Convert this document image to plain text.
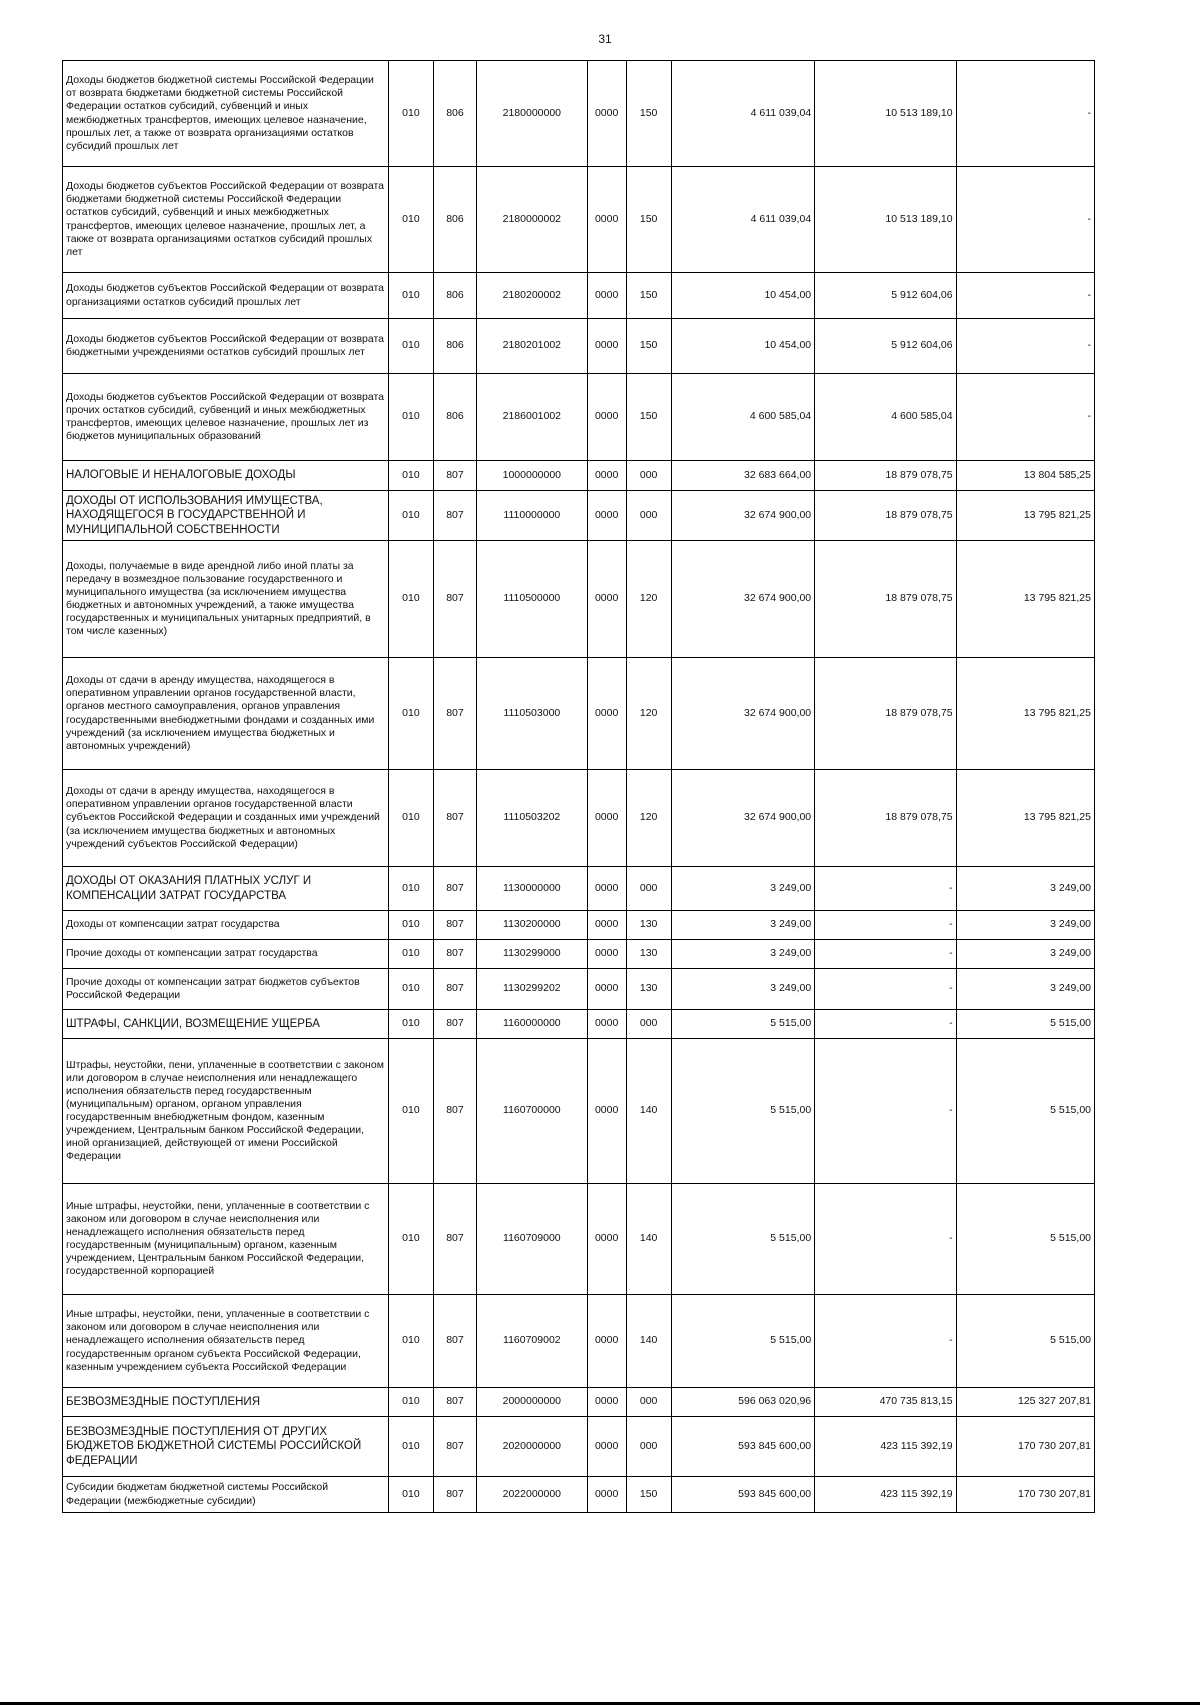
31
Доходы бюджетов бюджетной системы Российской Федерации от возврата бюджетами бюджетной системы Российской Федерации остатков субсидий, субвенций и иных межбюджетных трансфертов, имеющих целевое назначение, прошлых лет, а также от возврата организациями остатков субсидий прошлых лет	010	806	2180000000	0000	150	4 611 039,04	10 513 189,10	-
Доходы бюджетов субъектов Российской Федерации от возврата бюджетами бюджетной системы Российской Федерации остатков субсидий, субвенций и иных межбюджетных трансфертов, имеющих целевое назначение, прошлых лет, а также от возврата организациями остатков субсидий прошлых лет	010	806	2180000002	0000	150	4 611 039,04	10 513 189,10	-
Доходы бюджетов субъектов Российской Федерации от возврата организациями остатков субсидий прошлых лет	010	806	2180200002	0000	150	10 454,00	5 912 604,06	-
Доходы бюджетов субъектов Российской Федерации от возврата бюджетными учреждениями остатков субсидий прошлых лет	010	806	2180201002	0000	150	10 454,00	5 912 604,06	-
Доходы бюджетов субъектов Российской Федерации от возврата прочих остатков субсидий, субвенций и иных межбюджетных трансфертов, имеющих целевое назначение, прошлых лет из бюджетов муниципальных образований	010	806	2186001002	0000	150	4 600 585,04	4 600 585,04	-
НАЛОГОВЫЕ И НЕНАЛОГОВЫЕ ДОХОДЫ	010	807	1000000000	0000	000	32 683 664,00	18 879 078,75	13 804 585,25
ДОХОДЫ ОТ ИСПОЛЬЗОВАНИЯ ИМУЩЕСТВА, НАХОДЯЩЕГОСЯ В ГОСУДАРСТВЕННОЙ И МУНИЦИПАЛЬНОЙ СОБСТВЕННОСТИ	010	807	1110000000	0000	000	32 674 900,00	18 879 078,75	13 795 821,25
Доходы, получаемые в виде арендной либо иной платы за передачу в возмездное пользование государственного и муниципального имущества (за исключением имущества бюджетных и автономных учреждений, а также имущества государственных и муниципальных унитарных предприятий, в том числе казенных)	010	807	1110500000	0000	120	32 674 900,00	18 879 078,75	13 795 821,25
Доходы от сдачи в аренду имущества, находящегося в оперативном управлении органов государственной власти, органов местного самоуправления, органов управления государственными внебюджетными фондами и созданных ими учреждений (за исключением имущества бюджетных и автономных учреждений)	010	807	1110503000	0000	120	32 674 900,00	18 879 078,75	13 795 821,25
Доходы от сдачи в аренду имущества, находящегося в оперативном управлении органов государственной власти субъектов Российской Федерации и созданных ими учреждений (за исключением имущества бюджетных и автономных учреждений субъектов Российской Федерации)	010	807	1110503202	0000	120	32 674 900,00	18 879 078,75	13 795 821,25
ДОХОДЫ ОТ ОКАЗАНИЯ ПЛАТНЫХ УСЛУГ И КОМПЕНСАЦИИ ЗАТРАТ ГОСУДАРСТВА	010	807	1130000000	0000	000	3 249,00	-	3 249,00
Доходы от компенсации затрат государства	010	807	1130200000	0000	130	3 249,00	-	3 249,00
Прочие доходы от компенсации затрат государства	010	807	1130299000	0000	130	3 249,00	-	3 249,00
Прочие доходы от компенсации затрат бюджетов субъектов Российской Федерации	010	807	1130299202	0000	130	3 249,00	-	3 249,00
ШТРАФЫ, САНКЦИИ, ВОЗМЕЩЕНИЕ УЩЕРБА	010	807	1160000000	0000	000	5 515,00	-	5 515,00
Штрафы, неустойки, пени, уплаченные в соответствии с законом или договором в случае неисполнения или ненадлежащего исполнения обязательств перед государственным (муниципальным) органом, органом управления государственным внебюджетным фондом, казенным учреждением, Центральным банком Российской Федерации, иной организацией, действующей от имени Российской Федерации	010	807	1160700000	0000	140	5 515,00	-	5 515,00
Иные штрафы, неустойки, пени, уплаченные в соответствии с законом или договором в случае неисполнения или ненадлежащего исполнения обязательств перед государственным (муниципальным) органом, казенным учреждением, Центральным банком Российской Федерации, государственной корпорацией	010	807	1160709000	0000	140	5 515,00	-	5 515,00
Иные штрафы, неустойки, пени, уплаченные в соответствии с законом или договором в случае неисполнения или ненадлежащего исполнения обязательств перед государственным органом субъекта Российской Федерации, казенным учреждением субъекта Российской Федерации	010	807	1160709002	0000	140	5 515,00	-	5 515,00
БЕЗВОЗМЕЗДНЫЕ ПОСТУПЛЕНИЯ	010	807	2000000000	0000	000	596 063 020,96	470 735 813,15	125 327 207,81
БЕЗВОЗМЕЗДНЫЕ ПОСТУПЛЕНИЯ ОТ ДРУГИХ БЮДЖЕТОВ БЮДЖЕТНОЙ СИСТЕМЫ РОССИЙСКОЙ ФЕДЕРАЦИИ	010	807	2020000000	0000	000	593 845 600,00	423 115 392,19	170 730 207,81
Субсидии бюджетам бюджетной системы Российской Федерации (межбюджетные субсидии)	010	807	2022000000	0000	150	593 845 600,00	423 115 392,19	170 730 207,81
